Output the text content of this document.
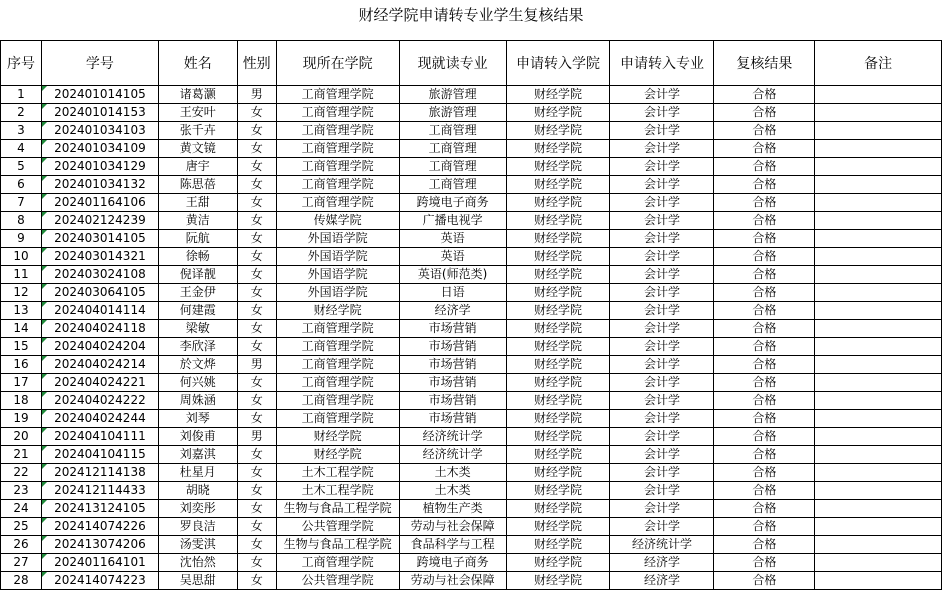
财经学院申请转专业学生复核结果
序号	学号	姓名	性别	现所在学院	现就读专业	申请转入学院	申请转入专业	复核结果	备注
1	202401014105	诸葛灏	男	工商管理学院	旅游管理	财经学院	会计学	合格	
2	202401014153	王安叶	女	工商管理学院	旅游管理	财经学院	会计学	合格	
3	202401034103	张千卉	女	工商管理学院	工商管理	财经学院	会计学	合格	
4	202401034109	黄文镜	女	工商管理学院	工商管理	财经学院	会计学	合格	
5	202401034129	唐宇	女	工商管理学院	工商管理	财经学院	会计学	合格	
6	202401034132	陈思蓓	女	工商管理学院	工商管理	财经学院	会计学	合格	
7	202401164106	王甜	女	工商管理学院	跨境电子商务	财经学院	会计学	合格	
8	202402124239	黄洁	女	传媒学院	广播电视学	财经学院	会计学	合格	
9	202403014105	阮航	女	外国语学院	英语	财经学院	会计学	合格	
10	202403014321	徐畅	女	外国语学院	英语	财经学院	会计学	合格	
11	202403024108	倪译靓	女	外国语学院	英语(师范类)	财经学院	会计学	合格	
12	202403064105	王金伊	女	外国语学院	日语	财经学院	会计学	合格	
13	202404014114	何建霞	女	财经学院	经济学	财经学院	会计学	合格	
14	202404024118	梁敏	女	工商管理学院	市场营销	财经学院	会计学	合格	
15	202404024204	李欣泽	女	工商管理学院	市场营销	财经学院	会计学	合格	
16	202404024214	於文烨	男	工商管理学院	市场营销	财经学院	会计学	合格	
17	202404024221	何兴姚	女	工商管理学院	市场营销	财经学院	会计学	合格	
18	202404024222	周姝涵	女	工商管理学院	市场营销	财经学院	会计学	合格	
19	202404024244	刘琴	女	工商管理学院	市场营销	财经学院	会计学	合格	
20	202404104111	刘俊甫	男	财经学院	经济统计学	财经学院	会计学	合格	
21	202404104115	刘嘉淇	女	财经学院	经济统计学	财经学院	会计学	合格	
22	202412114138	杜星月	女	土木工程学院	土木类	财经学院	会计学	合格	
23	202412114433	胡晓	女	土木工程学院	土木类	财经学院	会计学	合格	
24	202413124105	刘奕彤	女	生物与食品工程学院	植物生产类	财经学院	会计学	合格	
25	202414074226	罗良洁	女	公共管理学院	劳动与社会保障	财经学院	会计学	合格	
26	202413074206	汤雯淇	女	生物与食品工程学院	食品科学与工程	财经学院	经济统计学	合格	
27	202401164101	沈怡然	女	工商管理学院	跨境电子商务	财经学院	经济学	合格	
28	202414074223	吴思甜	女	公共管理学院	劳动与社会保障	财经学院	经济学	合格	
